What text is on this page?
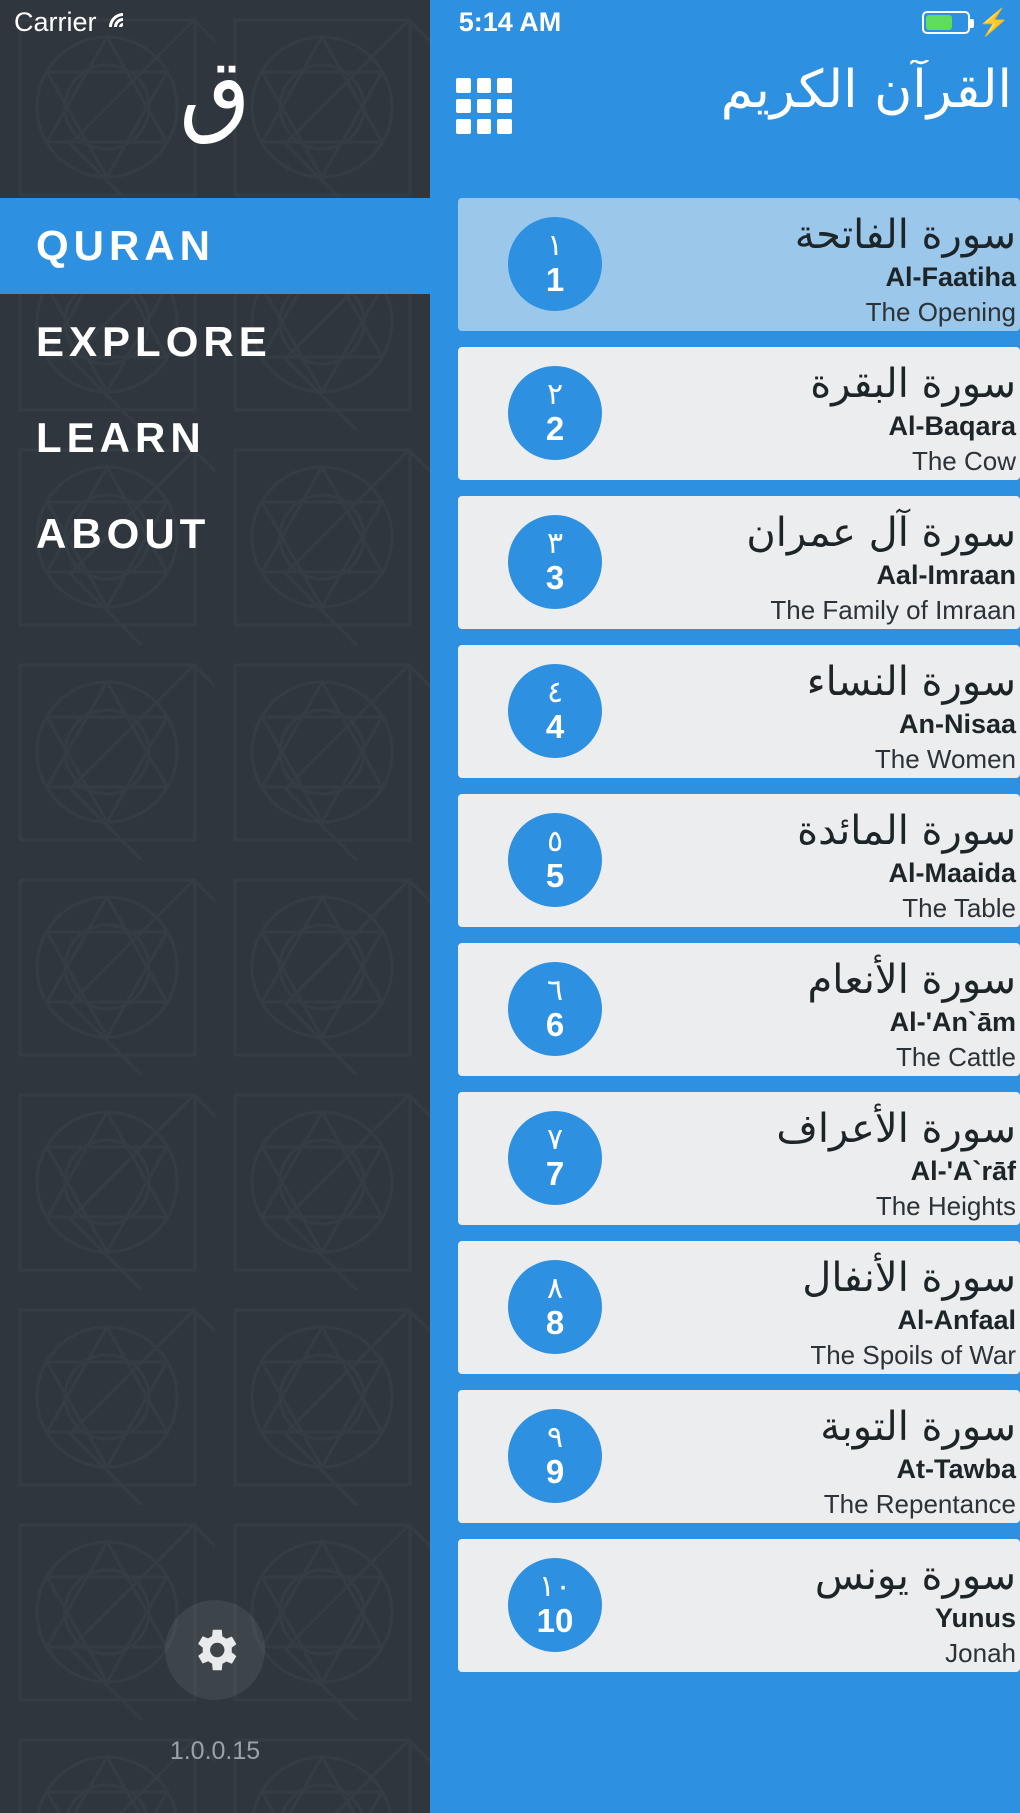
Carrier	5:14 AM	⚡
ق
QURAN
EXPLORE
LEARN
ABOUT
1.0.0.15
القرآن الكريم
١
1
سورة الفاتحة
Al-Faatiha
The Opening
٢
2
سورة البقرة
Al-Baqara
The Cow
٣
3
سورة آل عمران
Aal-Imraan
The Family of Imraan
٤
4
سورة النساء
An-Nisaa
The Women
٥
5
سورة المائدة
Al-Maaida
The Table
٦
6
سورة الأنعام
Al-'An`ām
The Cattle
٧
7
سورة الأعراف
Al-'A`rāf
The Heights
٨
8
سورة الأنفال
Al-Anfaal
The Spoils of War
٩
9
سورة التوبة
At-Tawba
The Repentance
١٠
10
سورة يونس
Yunus
Jonah
